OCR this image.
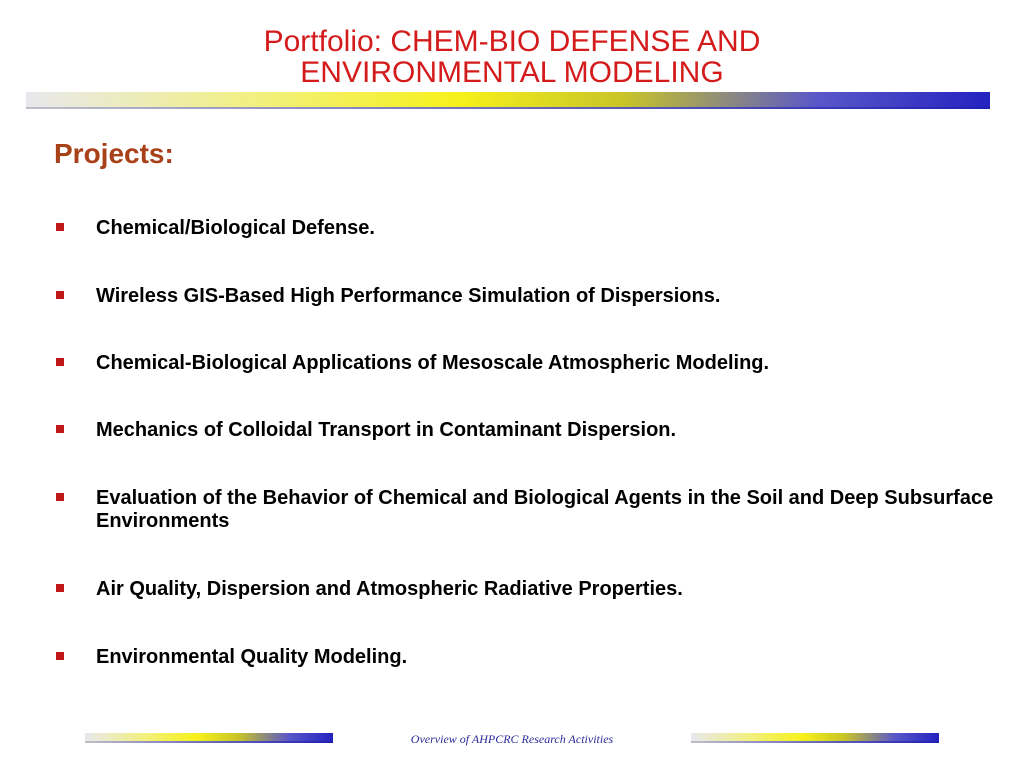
Portfolio: CHEM-BIO DEFENSE AND
ENVIRONMENTAL MODELING
Projects:
Chemical/Biological Defense.
Wireless GIS-Based High Performance Simulation of Dispersions.
Chemical-Biological Applications of Mesoscale Atmospheric Modeling.
Mechanics of Colloidal Transport in Contaminant Dispersion.
Evaluation of the Behavior of Chemical and Biological Agents in the Soil and Deep Subsurface Environments
Air Quality, Dispersion and Atmospheric Radiative Properties.
Environmental Quality Modeling.
Overview of AHPCRC Research Activities
